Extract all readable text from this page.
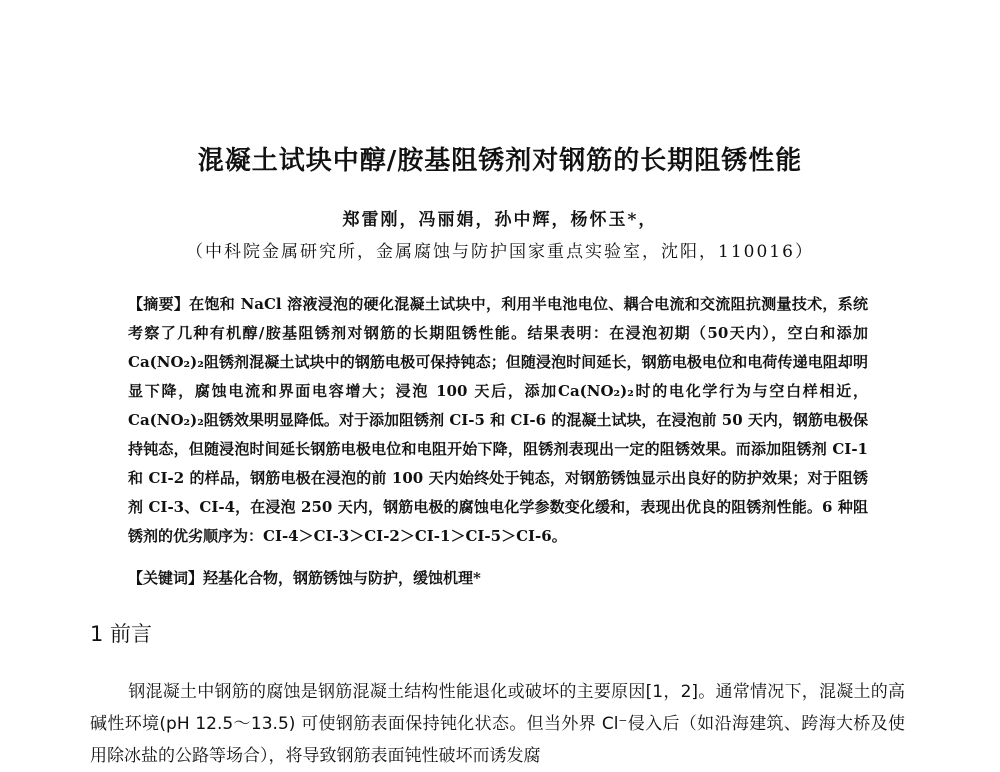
混凝土试块中醇/胺基阻锈剂对钢筋的长期阻锈性能
郑雷刚，冯丽娟，孙中辉，杨怀玉*，
（中科院金属研究所，金属腐蚀与防护国家重点实验室，沈阳，110016）
【摘要】在饱和 NaCl 溶液浸泡的硬化混凝土试块中，利用半电池电位、耦合电流和交流阻抗测量技术，系统考察了几种有机醇/胺基阻锈剂对钢筋的长期阻锈性能。结果表明：在浸泡初期（50天内），空白和添加 Ca(NO₂)₂阻锈剂混凝土试块中的钢筋电极可保持钝态；但随浸泡时间延长，钢筋电极电位和电荷传递电阻却明显下降，腐蚀电流和界面电容增大；浸泡 100 天后，添加Ca(NO₂)₂时的电化学行为与空白样相近，Ca(NO₂)₂阻锈效果明显降低。对于添加阻锈剂 CI-5 和 CI-6 的混凝土试块，在浸泡前 50 天内，钢筋电极保持钝态，但随浸泡时间延长钢筋电极电位和电阻开始下降，阻锈剂表现出一定的阻锈效果。而添加阻锈剂 CI-1 和 CI-2 的样品，钢筋电极在浸泡的前 100 天内始终处于钝态，对钢筋锈蚀显示出良好的防护效果；对于阻锈剂 CI-3、CI-4，在浸泡 250 天内，钢筋电极的腐蚀电化学参数变化缓和，表现出优良的阻锈剂性能。6 种阻锈剂的优劣顺序为：CI-4＞CI-3＞CI-2＞CI-1＞CI-5＞CI-6。
【关键词】羟基化合物，钢筋锈蚀与防护，缓蚀机理*
1 前言
钢混凝土中钢筋的腐蚀是钢筋混凝土结构性能退化或破坏的主要原因[1，2]。通常情况下，混凝土的高碱性环境(pH 12.5～13.5) 可使钢筋表面保持钝化状态。但当外界 Cl⁻侵入后（如沿海建筑、跨海大桥及使用除冰盐的公路等场合），将导致钢筋表面钝性破坏而诱发腐
